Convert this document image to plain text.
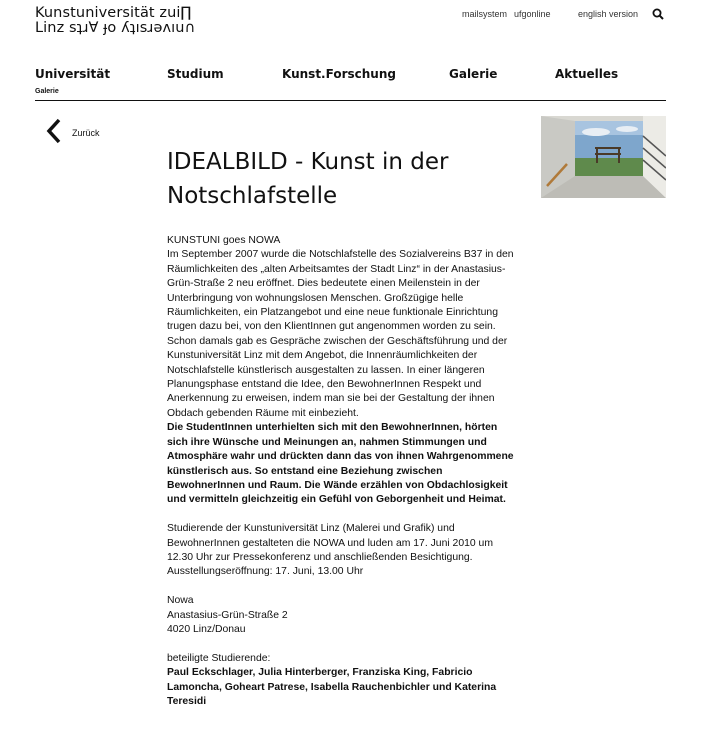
Kunstuniversität zui∏
Linz sʇɹ∀ ɟo ʎʇısɹǝʌıu∩
mailsystem ufgonline	english version
Universität	Studium	Kunst.Forschung	Galerie	Aktuelles
Galerie
Zurück
IDEALBILD - Kunst in der Notschlafstelle

KUNSTUNI goes NOWA

Im September 2007 wurde die Notschlafstelle des Sozialvereins B37 in den Räumlichkeiten des „alten Arbeitsamtes der Stadt Linz“ in der Anastasius- Grün-Straße 2 neu eröffnet. Dies bedeutete einen Meilenstein in der Unterbringung von wohnungslosen Menschen. Großzügige helle Räumlichkeiten, ein Platzangebot und eine neue funktionale Einrichtung trugen dazu bei, von den KlientInnen gut angenommen worden zu sein. Schon damals gab es Gespräche zwischen der Geschäftsführung und der Kunstuniversität Linz mit dem Angebot, die Innenräumlichkeiten der Notschlafstelle künstlerisch ausgestalten zu lassen. In einer längeren Planungsphase entstand die Idee, den BewohnerInnen Respekt und Anerkennung zu erweisen, indem man sie bei der Gestaltung der ihnen Obdach gebenden Räume mit einbezieht.

Die StudentInnen unterhielten sich mit den BewohnerInnen, hörten sich ihre Wünsche und Meinungen an, nahmen Stimmungen und Atmosphäre wahr und drückten dann das von ihnen Wahrgenommene künstlerisch aus. So entstand eine Beziehung zwischen BewohnerInnen und Raum. Die Wände erzählen von Obdachlosigkeit und vermitteln gleichzeitig ein Gefühl von Geborgenheit und Heimat.

Studierende der Kunstuniversität Linz (Malerei und Grafik) und BewohnerInnen gestalteten die NOWA und luden am 17. Juni 2010 um 12.30 Uhr zur Pressekonferenz und anschließenden Besichtigung.

Ausstellungseröffnung: 17. Juni, 13.00 Uhr

Nowa

Anastasius-Grün-Straße 2

4020 Linz/Donau

beteiligte Studierende:

Paul Eckschlager, Julia Hinterberger, Franziska King, Fabricio Lamoncha, Goheart Patrese, Isabella Rauchenbichler und Katerina Teresidi
